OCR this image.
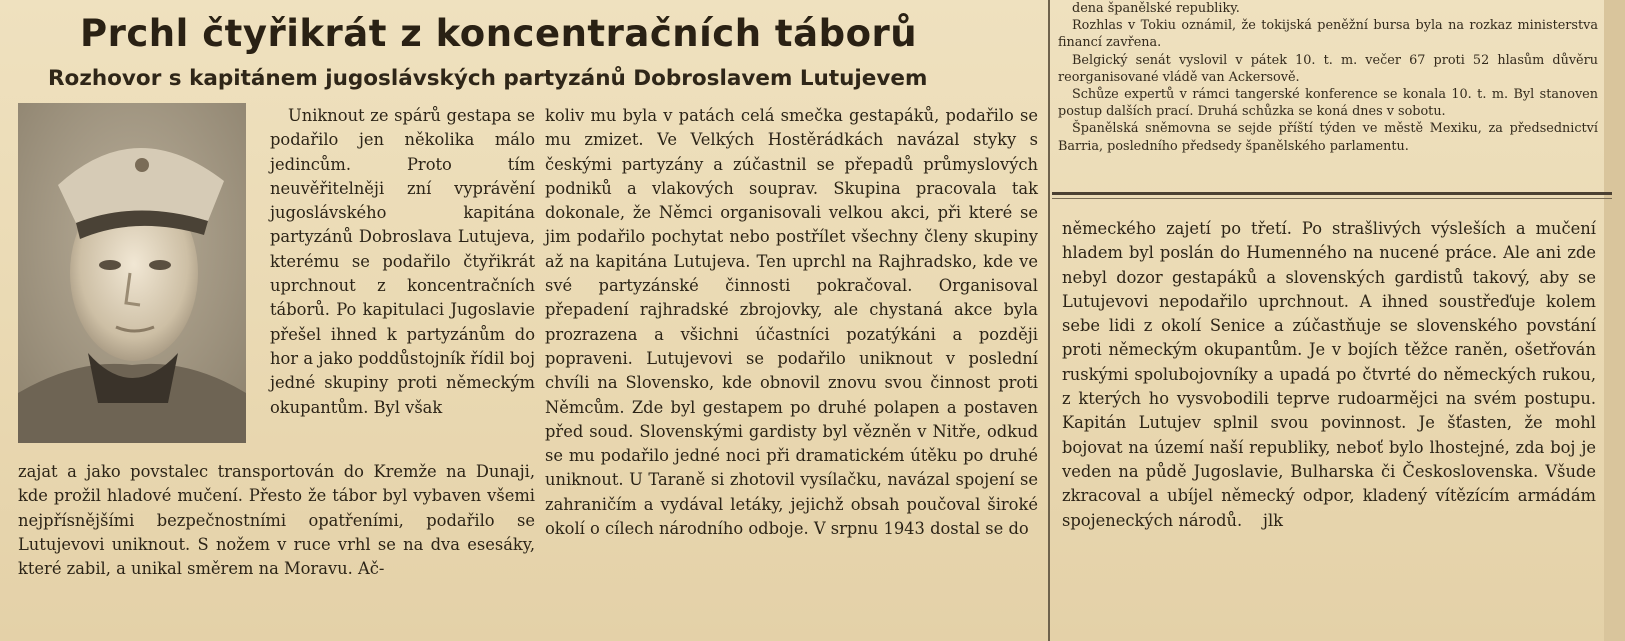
Prchl čtyřikrát z koncentračních táborů
Rozhovor s kapitánem jugoslávských partyzánů Dobroslavem Lutujevem

Uniknout ze spárů gestapa se podařilo jen několika málo jedincům. Proto tím neuvěřitelněji zní vyprávění jugoslávského kapitána partyzánů Dobroslava Lutujeva, kterému se podařilo čtyřikrát uprchnout z koncentračních táborů. Po kapitulaci Jugoslavie přešel ihned k partyzánům do hor a jako poddůstojník řídil boj jedné skupiny proti německým okupantům. Byl však

zajat a jako povstalec transportován do Kremže na Dunaji, kde prožil hladové mučení. Přesto že tábor byl vybaven všemi nejpřísnějšími bezpečnostními opatřeními, podařilo se Lutujevovi uniknout. S nožem v ruce vrhl se na dva esesáky, které zabil, a unikal směrem na Moravu. Ač-

koliv mu byla v patách celá smečka gestapáků, podařilo se mu zmizet. Ve Velkých Hostěrádkách navázal styky s českými partyzány a zúčastnil se přepadů průmyslových podniků a vlakových souprav. Skupina pracovala tak dokonale, že Němci organisovali velkou akci, při které se jim podařilo pochytat nebo postřílet všechny členy skupiny až na kapitána Lutujeva. Ten uprchl na Rajhradsko, kde ve své partyzánské činnosti pokračoval. Organisoval přepadení rajhradské zbrojovky, ale chystaná akce byla prozrazena a všichni účastníci pozatýkáni a později popraveni. Lutujevovi se podařilo uniknout v poslední chvíli na Slovensko, kde obnovil znovu svou činnost proti Němcům. Zde byl gestapem po druhé polapen a postaven před soud. Slovenskými gardisty byl vězněn v Nitře, odkud se mu podařilo jedné noci při dramatickém útěku po druhé uniknout. U Taraně si zhotovil vysílačku, navázal spojení se zahraničím a vydával letáky, jejichž obsah poučoval široké okolí o cílech národního odboje. V srpnu 1943 dostal se do

dena španělské republiky.

Rozhlas v Tokiu oznámil, že tokijská peněžní bursa byla na rozkaz ministerstva financí zavřena.

Belgický senát vyslovil v pátek 10. t. m. večer 67 proti 52 hlasům důvěru reorganisované vládě van Ackersově.

Schůze expertů v rámci tangerské konference se konala 10. t. m. Byl stanoven postup dalších prací. Druhá schůzka se koná dnes v sobotu.

Španělská sněmovna se sejde příští týden ve městě Mexiku, za předsednictví Barria, posledního předsedy španělského parlamentu.

německého zajetí po třetí. Po strašlivých výsleších a mučení hladem byl poslán do Humenného na nucené práce. Ale ani zde nebyl dozor gestapáků a slovenských gardistů takový, aby se Lutujevovi nepodařilo uprchnout. A ihned soustřeďuje kolem sebe lidi z okolí Senice a zúčastňuje se slovenského povstání proti německým okupantům. Je v bojích těžce raněn, ošetřován ruskými spolubojovníky a upadá po čtvrté do německých rukou, z kterých ho vysvobodili teprve rudoarmějci na svém postupu. Kapitán Lutujev splnil svou povinnost. Je šťasten, že mohl bojovat na území naší republiky, neboť bylo lhostejné, zda boj je veden na půdě Jugoslavie, Bulharska či Československa. Všude zkracoval a ubíjel německý odpor, kladený vítězícím armádám spojeneckých národů. jlk
